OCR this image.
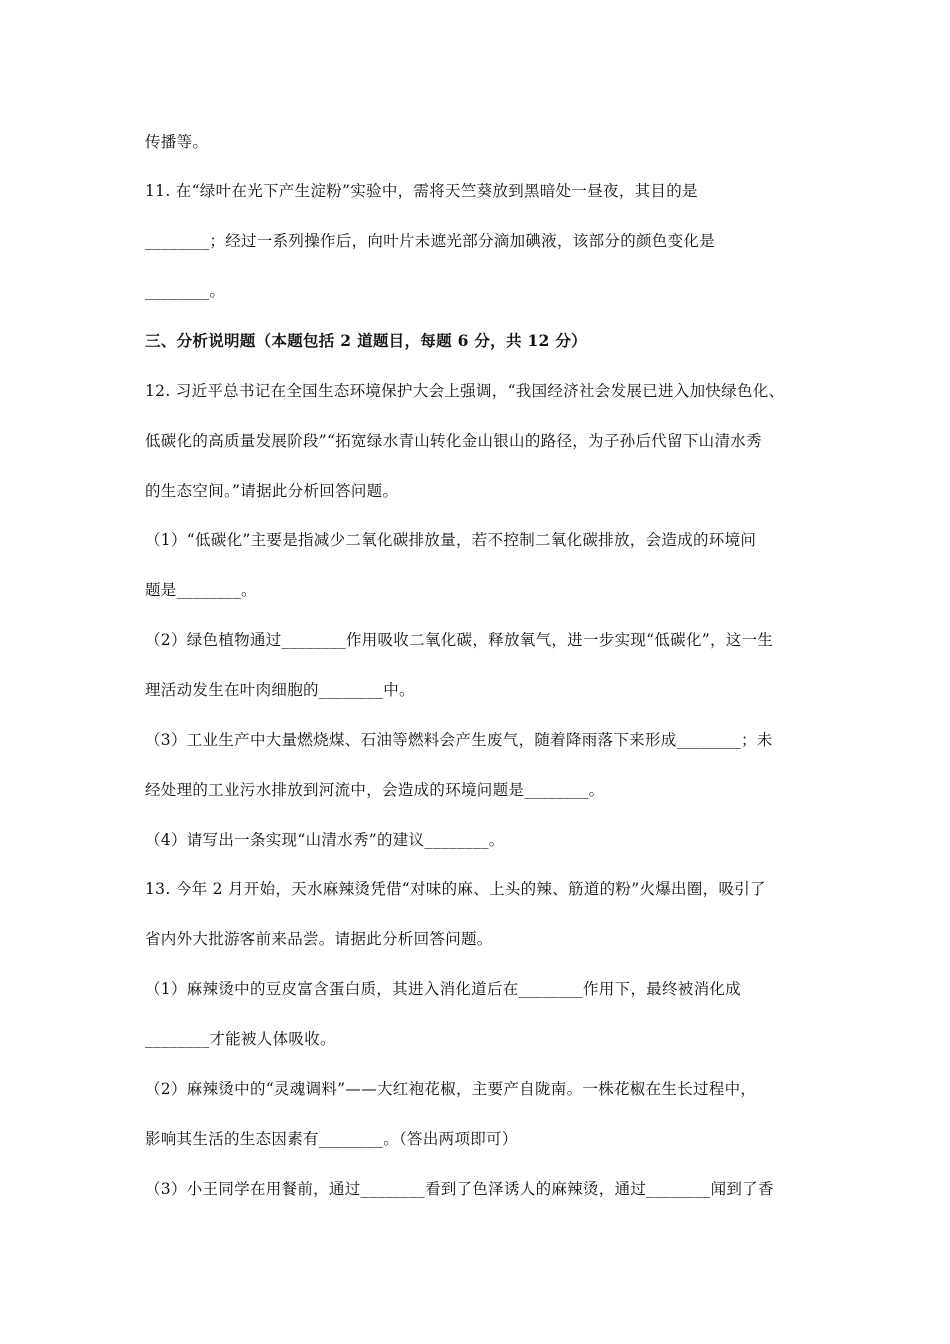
传播等。
11. 在“绿叶在光下产生淀粉”实验中，需将天竺葵放到黑暗处一昼夜，其目的是
________；经过一系列操作后，向叶片未遮光部分滴加碘液，该部分的颜色变化是
________。
三、分析说明题（本题包括 2 道题目，每题 6 分，共 12 分）
12. 习近平总书记在全国生态环境保护大会上强调，“我国经济社会发展已进入加快绿色化、
低碳化的高质量发展阶段”“拓宽绿水青山转化金山银山的路径，为子孙后代留下山清水秀
的生态空间。”请据此分析回答问题。
（1）“低碳化”主要是指减少二氧化碳排放量，若不控制二氧化碳排放，会造成的环境问
题是________。
（2）绿色植物通过________作用吸收二氧化碳，释放氧气，进一步实现“低碳化”，这一生
理活动发生在叶肉细胞的________中。
（3）工业生产中大量燃烧煤、石油等燃料会产生废气，随着降雨落下来形成________；未
经处理的工业污水排放到河流中，会造成的环境问题是________。
（4）请写出一条实现“山清水秀”的建议________。
13. 今年 2 月开始，天水麻辣烫凭借“对味的麻、上头的辣、筋道的粉”火爆出圈，吸引了
省内外大批游客前来品尝。请据此分析回答问题。
（1）麻辣烫中的豆皮富含蛋白质，其进入消化道后在________作用下，最终被消化成
________才能被人体吸收。
（2）麻辣烫中的“灵魂调料”——大红袍花椒，主要产自陇南。一株花椒在生长过程中，
影响其生活的生态因素有________。（答出两项即可）
（3）小王同学在用餐前，通过________看到了色泽诱人的麻辣烫，通过________闻到了香
